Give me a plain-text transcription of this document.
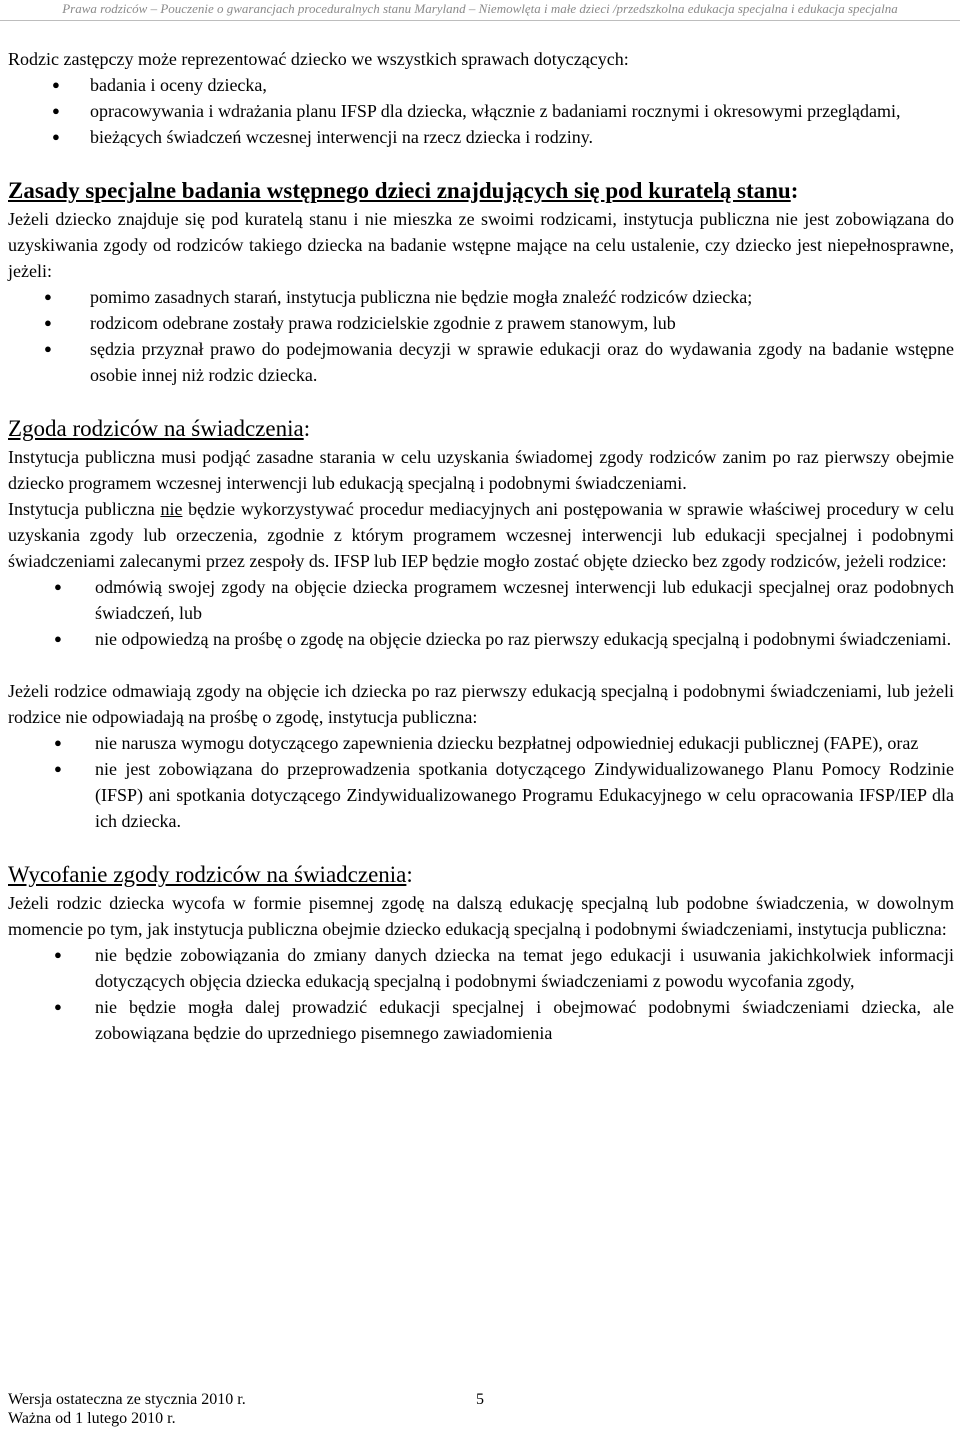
Prawa rodziców – Pouczenie o gwarancjach proceduralnych stanu Maryland – Niemowlęta i małe dzieci /przedszkolna edukacja specjalna i edukacja specjalna

Rodzic zastępczy może reprezentować dziecko we wszystkich sprawach dotyczących:

● badania i oceny dziecka,
● opracowywania i wdrażania planu IFSP dla dziecka, włącznie z badaniami rocznymi i okresowymi przeglądami,
● bieżących świadczeń wczesnej interwencji na rzecz dziecka i rodziny.
Zasady specjalne badania wstępnego dzieci znajdujących się pod kuratelą stanu:

Jeżeli dziecko znajduje się pod kuratelą stanu i nie mieszka ze swoimi rodzicami, instytucja publiczna nie jest zobowiązana do uzyskiwania zgody od rodziców takiego dziecka na badanie wstępne mające na celu ustalenie, czy dziecko jest niepełnosprawne, jeżeli:

● pomimo zasadnych starań, instytucja publiczna nie będzie mogła znaleźć rodziców dziecka;
● rodzicom odebrane zostały prawa rodzicielskie zgodnie z prawem stanowym, lub
● sędzia przyznał prawo do podejmowania decyzji w sprawie edukacji oraz do wydawania zgody na badanie wstępne osobie innej niż rodzic dziecka.
Zgoda rodziców na świadczenia:

Instytucja publiczna musi podjąć zasadne starania w celu uzyskania świadomej zgody rodziców zanim po raz pierwszy obejmie dziecko programem wczesnej interwencji lub edukacją specjalną i podobnymi świadczeniami.

Instytucja publiczna nie będzie wykorzystywać procedur mediacyjnych ani postępowania w sprawie właściwej procedury w celu uzyskania zgody lub orzeczenia, zgodnie z którym programem wczesnej interwencji lub edukacji specjalnej i podobnymi świadczeniami zalecanymi przez zespoły ds. IFSP lub IEP będzie mogło zostać objęte dziecko bez zgody rodziców, jeżeli rodzice:

● odmówią swojej zgody na objęcie dziecka programem wczesnej interwencji lub edukacji specjalnej oraz podobnych świadczeń, lub
● nie odpowiedzą na prośbę o zgodę na objęcie dziecka po raz pierwszy edukacją specjalną i podobnymi świadczeniami.

Jeżeli rodzice odmawiają zgody na objęcie ich dziecka po raz pierwszy edukacją specjalną i podobnymi świadczeniami, lub jeżeli rodzice nie odpowiadają na prośbę o zgodę, instytucja publiczna:

● nie narusza wymogu dotyczącego zapewnienia dziecku bezpłatnej odpowiedniej edukacji publicznej (FAPE), oraz
● nie jest zobowiązana do przeprowadzenia spotkania dotyczącego Zindywidualizowanego Planu Pomocy Rodzinie (IFSP) ani spotkania dotyczącego Zindywidualizowanego Programu Edukacyjnego w celu opracowania IFSP/IEP dla ich dziecka.
Wycofanie zgody rodziców na świadczenia:

Jeżeli rodzic dziecka wycofa w formie pisemnej zgodę na dalszą edukację specjalną lub podobne świadczenia, w dowolnym momencie po tym, jak instytucja publiczna obejmie dziecko edukacją specjalną i podobnymi świadczeniami, instytucja publiczna:

● nie będzie zobowiązania do zmiany danych dziecka na temat jego edukacji i usuwania jakichkolwiek informacji dotyczących objęcia dziecka edukacją specjalną i podobnymi świadczeniami z powodu wycofania zgody,
● nie będzie mogła dalej prowadzić edukacji specjalnej i obejmować podobnymi świadczeniami dziecka, ale zobowiązana będzie do uprzedniego pisemnego zawiadomienia
Wersja ostateczna ze stycznia 2010 r.
Ważna od 1 lutego 2010 r.
5
